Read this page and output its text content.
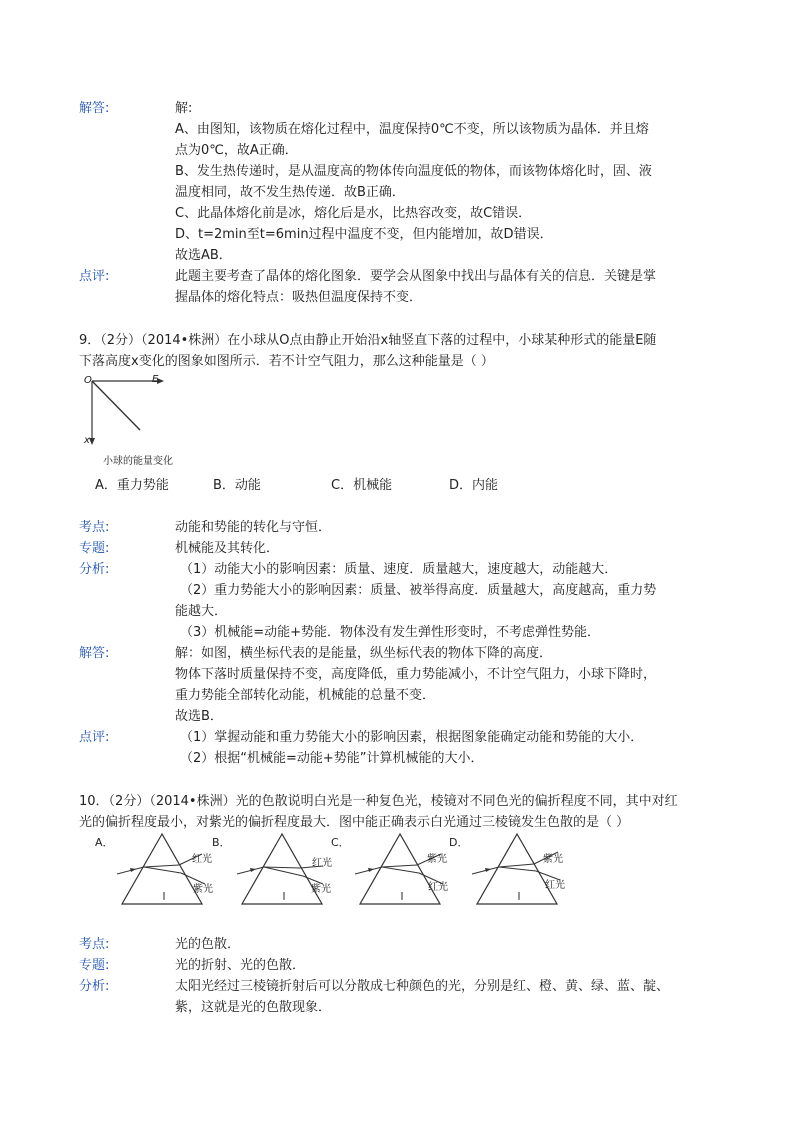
解答:	解:
A、由图知，该物质在熔化过程中，温度保持0℃不变，所以该物质为晶体．并且熔
点为0℃，故A正确．
B、发生热传递时，是从温度高的物体传向温度低的物体，而该物体熔化时，固、液
温度相同，故不发生热传递．故B正确．
C、此晶体熔化前是冰，熔化后是水，比热容改变，故C错误．
D、t=2min至t=6min过程中温度不变，但内能增加，故D错误．
故选AB．
点评:	此题主要考查了晶体的熔化图象．要学会从图象中找出与晶体有关的信息．关键是掌
握晶体的熔化特点：吸热但温度保持不变．
9．（2分）（2014•株洲）在小球从O点由静止开始沿x轴竖直下落的过程中，小球某种形式的能量E随
下落高度x变化的图象如图所示．若不计空气阻力，那么这种能量是（ ）
O	E
x
小球的能量变化
A．重力势能	B．动能	C．机械能	D．内能
考点:	动能和势能的转化与守恒．
专题:	机械能及其转化．
分析:	（1）动能大小的影响因素：质量、速度．质量越大，速度越大，动能越大．
（2）重力势能大小的影响因素：质量、被举得高度．质量越大，高度越高，重力势
能越大．
（3）机械能=动能+势能．物体没有发生弹性形变时，不考虑弹性势能．
解答:	解：如图，横坐标代表的是能量，纵坐标代表的物体下降的高度．
物体下落时质量保持不变，高度降低，重力势能减小，不计空气阻力，小球下降时，
重力势能全部转化动能，机械能的总量不变．
故选B．
点评:	（1）掌握动能和重力势能大小的影响因素，根据图象能确定动能和势能的大小．
（2）根据“机械能=动能+势能”计算机械能的大小．
10．（2分）（2014•株洲）光的色散说明白光是一种复色光，棱镜对不同色光的偏折程度不同，其中对红
光的偏折程度最小，对紫光的偏折程度最大．图中能正确表示白光通过三棱镜发生色散的是（ ）
A．	B．	C．	D．
∥
红光
紫光
∥
红光
紫光
∥
紫光
红光
∥
紫光
红光
考点:	光的色散．
专题:	光的折射、光的色散．
分析:	太阳光经过三棱镜折射后可以分散成七种颜色的光，分别是红、橙、黄、绿、蓝、靛、
紫，这就是光的色散现象．
